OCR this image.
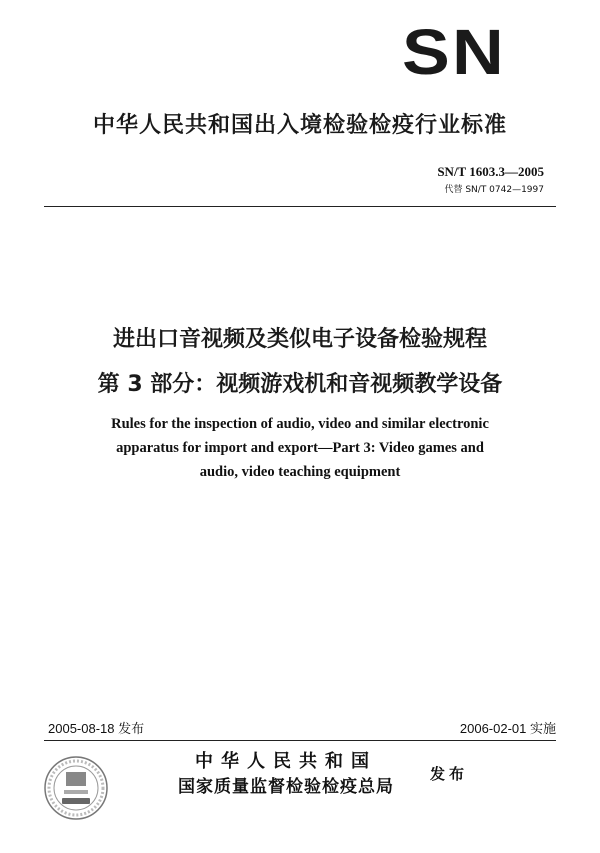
SN
中华人民共和国出入境检验检疫行业标准
SN/T 1603.3—2005
代替 SN/T 0742—1997
进出口音视频及类似电子设备检验规程
第 3 部分：视频游戏机和音视频教学设备
Rules for the inspection of audio, video and similar electronic
apparatus for import and export—Part 3: Video games and
audio, video teaching equipment
2005-08-18 发布	2006-02-01 实施
中华人民共和国
国家质量监督检验检疫总局
发布
